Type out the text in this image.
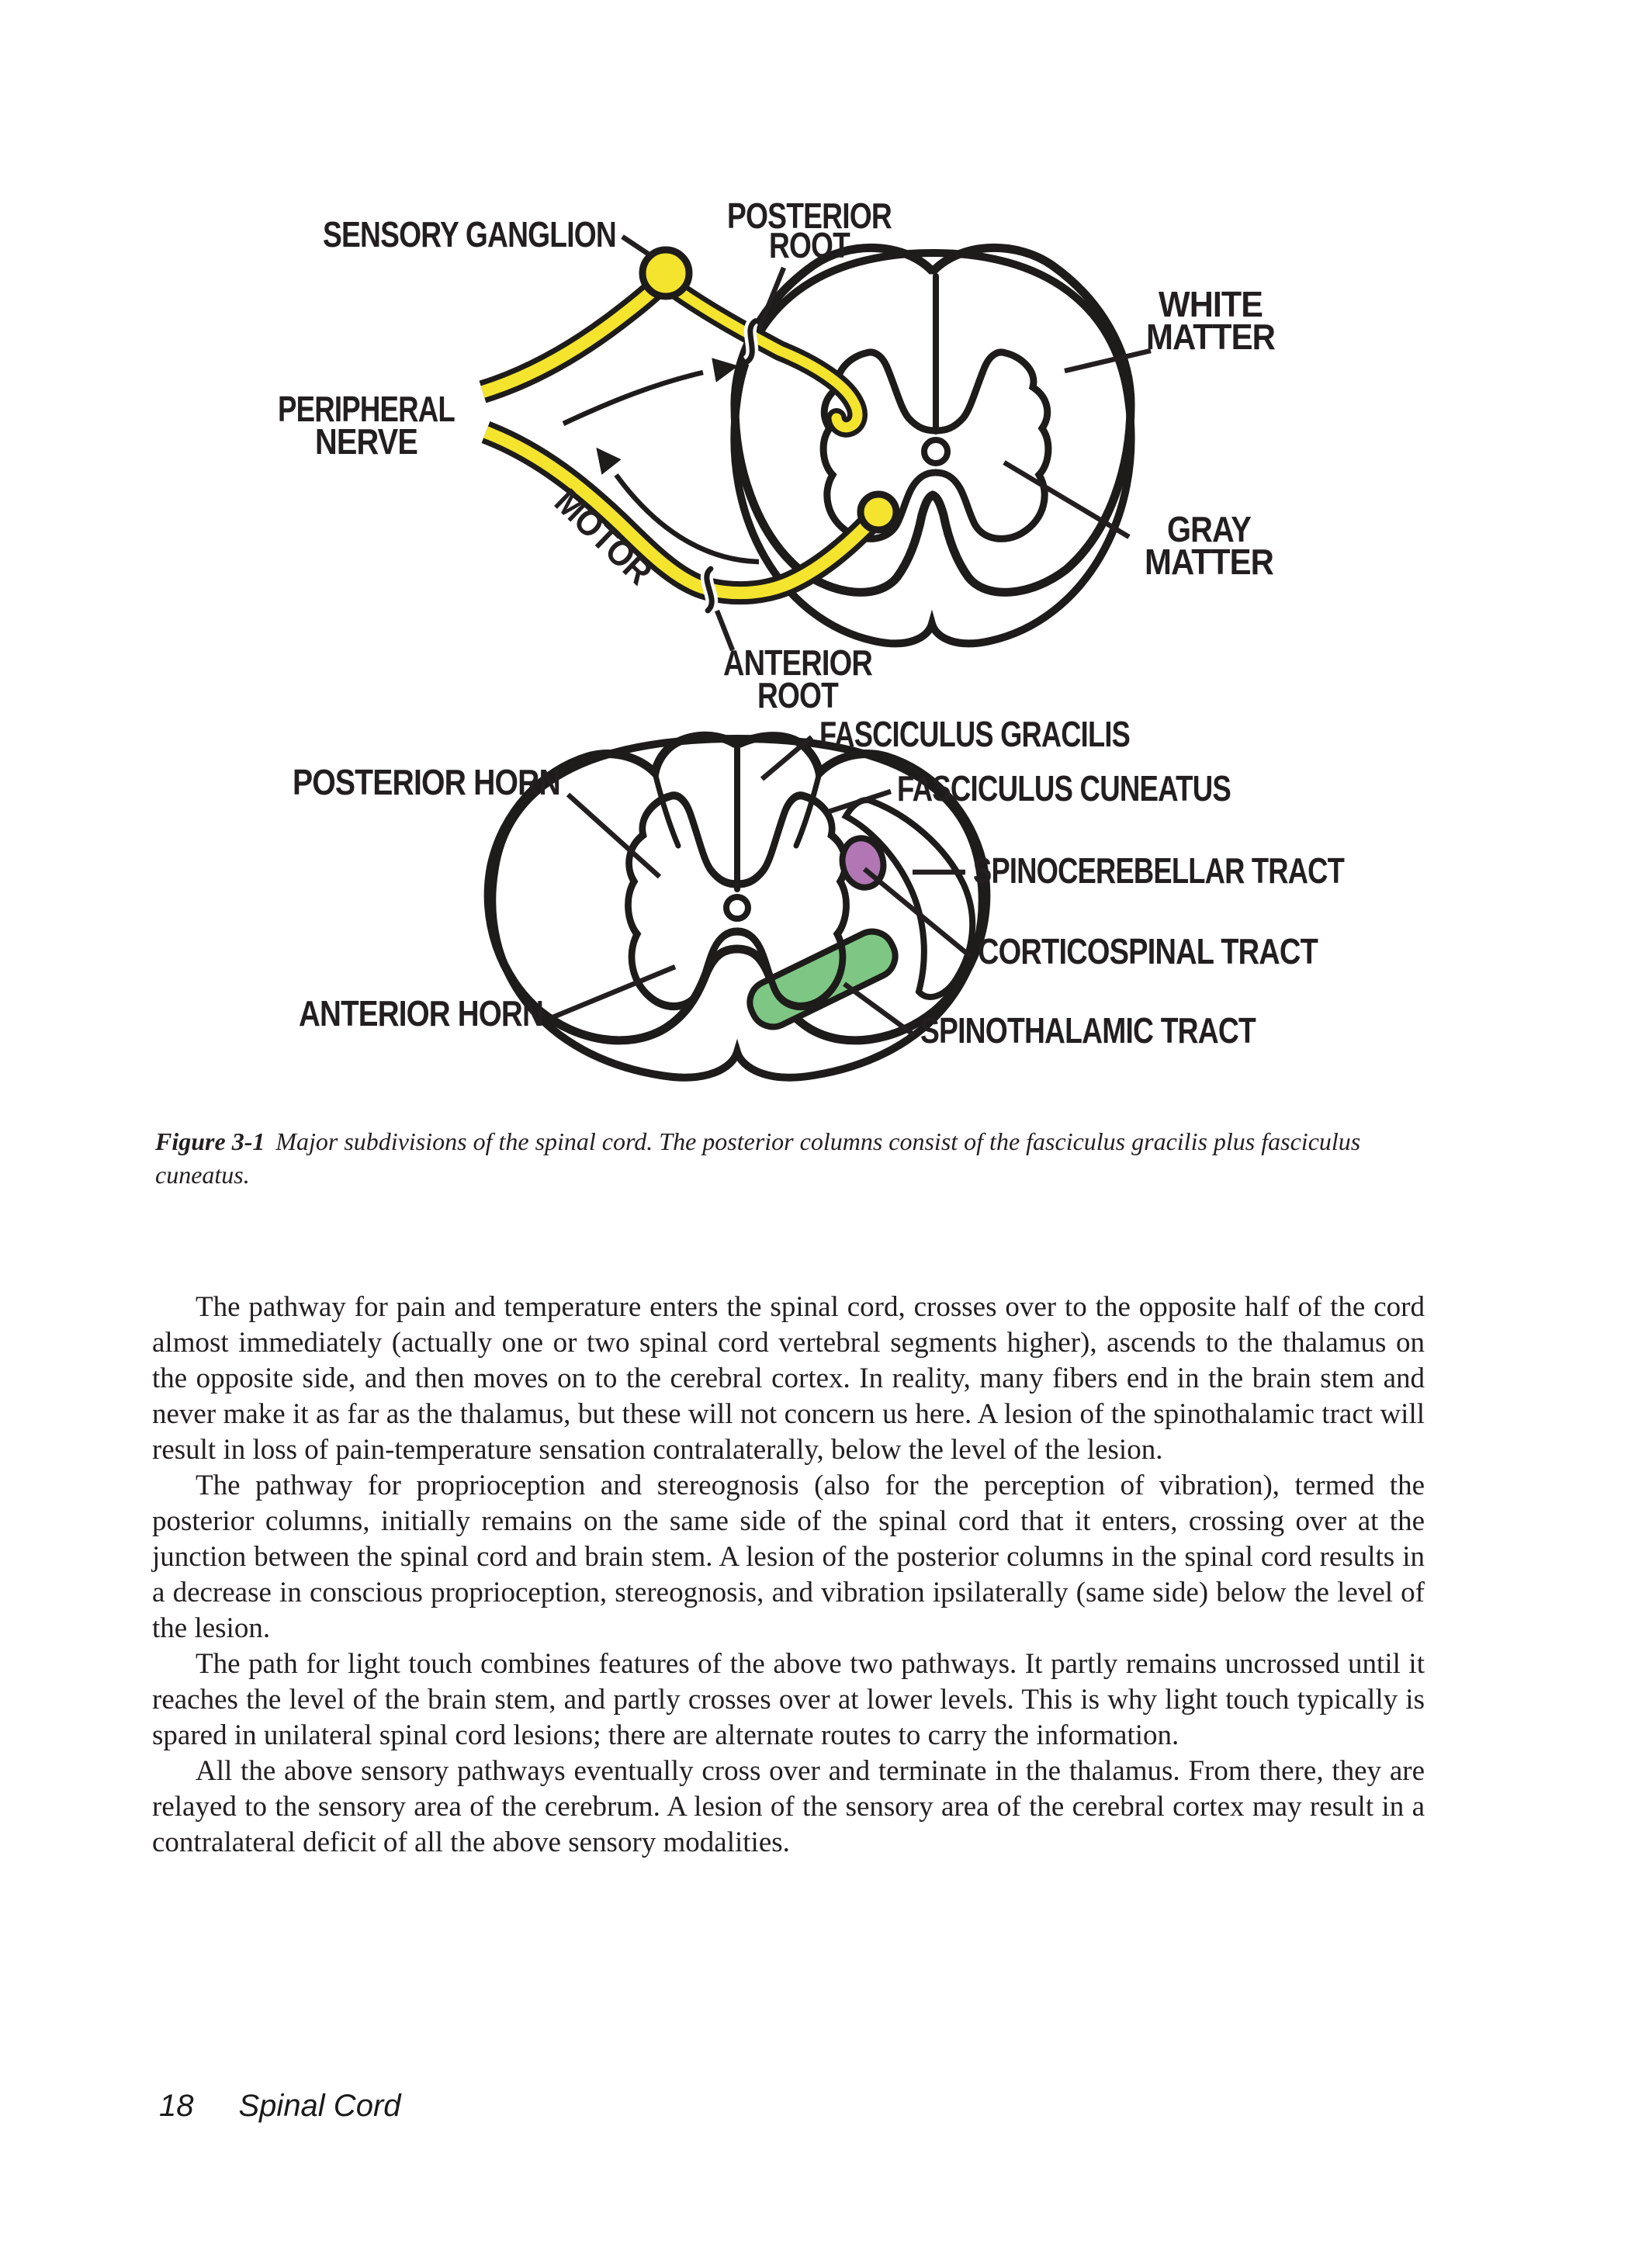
POSTERIOR
ROOT
SENSORY GANGLION
WHITE
MATTER
PERIPHERAL
NERVE
GRAY
MATTER
MOTOR
ANTERIOR
ROOT
FASCICULUS GRACILIS
FASCICULUS CUNEATUS
POSTERIOR HORN
SPINOCEREBELLAR TRACT
CORTICOSPINAL TRACT
ANTERIOR HORN	SPINOTHALAMIC TRACT
Figure 3-1 Major subdivisions of the spinal cord. The posterior columns consist of the fasciculus gracilis plus fasciculus cuneatus.

The pathway for pain and temperature enters the spinal cord, crosses over to the opposite half of the cord almost immediately (actually one or two spinal cord vertebral segments higher), ascends to the thalamus on the opposite side, and then moves on to the cerebral cortex. In reality, many fibers end in the brain stem and never make it as far as the thalamus, but these will not concern us here. A lesion of the spinothalamic tract will result in loss of pain-temperature sensation contralaterally, below the level of the lesion.

The pathway for proprioception and stereognosis (also for the perception of vibration), termed the posterior columns, initially remains on the same side of the spinal cord that it enters, crossing over at the junction between the spinal cord and brain stem. A lesion of the posterior columns in the spinal cord results in a decrease in conscious proprioception, stereognosis, and vibration ipsilaterally (same side) below the level of the lesion.

The path for light touch combines features of the above two pathways. It partly remains uncrossed until it reaches the level of the brain stem, and partly crosses over at lower levels. This is why light touch typically is spared in unilateral spinal cord lesions; there are alternate routes to carry the information.

All the above sensory pathways eventually cross over and terminate in the thalamus. From there, they are relayed to the sensory area of the cerebrum. A lesion of the sensory area of the cerebral cortex may result in a contralateral deficit of all the above sensory modalities.

18 Spinal Cord
